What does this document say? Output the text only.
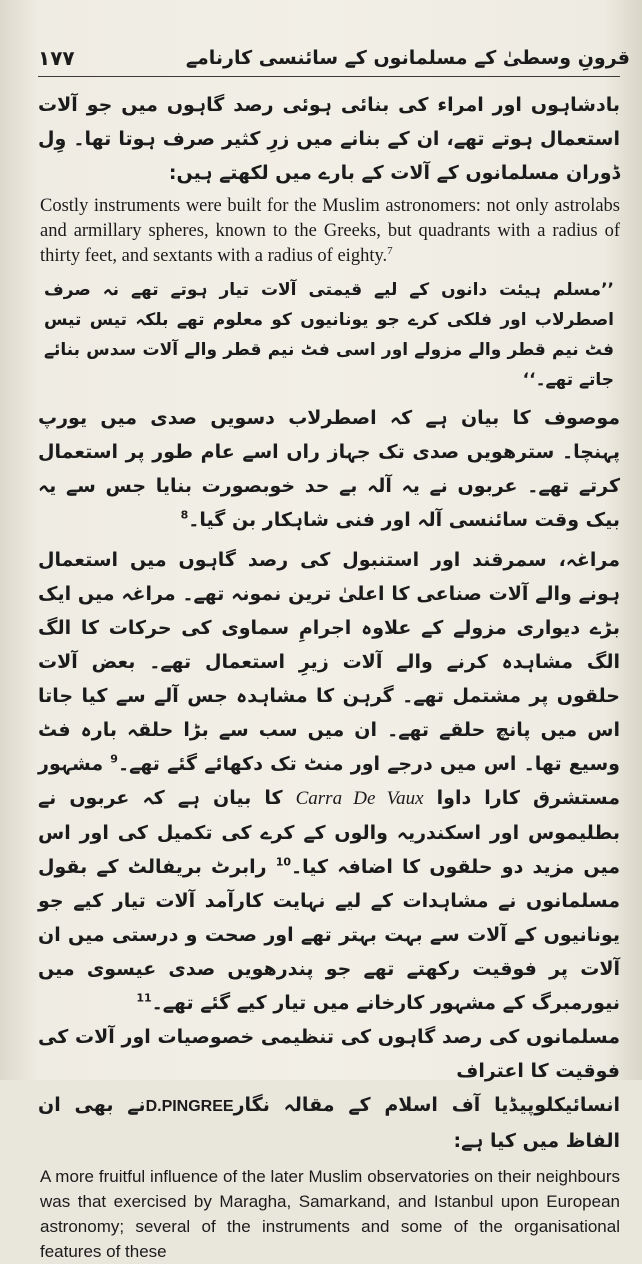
۱۷۷	قرونِ وسطیٰ کے مسلمانوں کے سائنسی کارنامے

بادشاہوں اور امراء کی بنائی ہوئی رصد گاہوں میں جو آلات استعمال ہوتے تھے، ان کے بنانے میں زرِ کثیر صرف ہوتا تھا۔ وِل ڈوران مسلمانوں کے آلات کے بارے میں لکھتے ہیں:

Costly instruments were built for the Muslim astronomers: not only astrolabs and armillary spheres, known to the Greeks, but quadrants with a radius of thirty feet, and sextants with a radius of eighty.$^7$

’’مسلم ہیئت دانوں کے لیے قیمتی آلات تیار ہوتے تھے نہ صرف اصطرلاب اور فلکی کرے جو یونانیوں کو معلوم تھے بلکہ تیس تیس فٹ نیم قطر والے مزولے اور اسی فٹ نیم قطر والے آلات سدس بنائے جاتے تھے۔‘‘

موصوف کا بیان ہے کہ اصطرلاب دسویں صدی میں یورپ پہنچا۔ سترھویں صدی تک جہاز راں اسے عام طور پر استعمال کرتے تھے۔ عربوں نے یہ آلہ بے حد خوبصورت بنایا جس سے یہ بیک وقت سائنسی آلہ اور فنی شاہکار بن گیا۔$^8$

مراغہ، سمرقند اور استنبول کی رصد گاہوں میں استعمال ہونے والے آلات صناعی کا اعلیٰ ترین نمونہ تھے۔ مراغہ میں ایک بڑے دیواری مزولے کے علاوہ اجرامِ سماوی کی حرکات کا الگ الگ مشاہدہ کرنے والے آلات زیرِ استعمال تھے۔ بعض آلات حلقوں پر مشتمل تھے۔ گرہن کا مشاہدہ جس آلے سے کیا جاتا اس میں پانچ حلقے تھے۔ ان میں سب سے بڑا حلقہ بارہ فٹ وسیع تھا۔ اس میں درجے اور منٹ تک دکھائے گئے تھے۔$^9$ مشہور مستشرق کارا داوا Carra De Vaux کا بیان ہے کہ عربوں نے بطلیموس اور اسکندریہ والوں کے کرے کی تکمیل کی اور اس میں مزید دو حلقوں کا اضافہ کیا۔$^{10}$ رابرٹ بریفالٹ کے بقول مسلمانوں نے مشاہدات کے لیے نہایت کارآمد آلات تیار کیے جو یونانیوں کے آلات سے بہت بہتر تھے اور صحت و درستی میں ان آلات پر فوقیت رکھتے تھے جو پندرھویں صدی عیسوی میں نیورمبرگ کے مشہور کارخانے میں تیار کیے گئے تھے۔$^{11}$

مسلمانوں کی رصد گاہوں کی تنظیمی خصوصیات اور آلات کی فوقیت کا اعتراف

انسائیکلوپیڈیا آف اسلام کے مقالہ نگارD.PINGREEنے بھی ان الفاظ میں کیا ہے:

A more fruitful influence of the later Muslim observatories on their neighbours was that exercised by Maragha, Samarkand, and Istanbul upon European astronomy; several of the instruments and some of the organisational features of these
